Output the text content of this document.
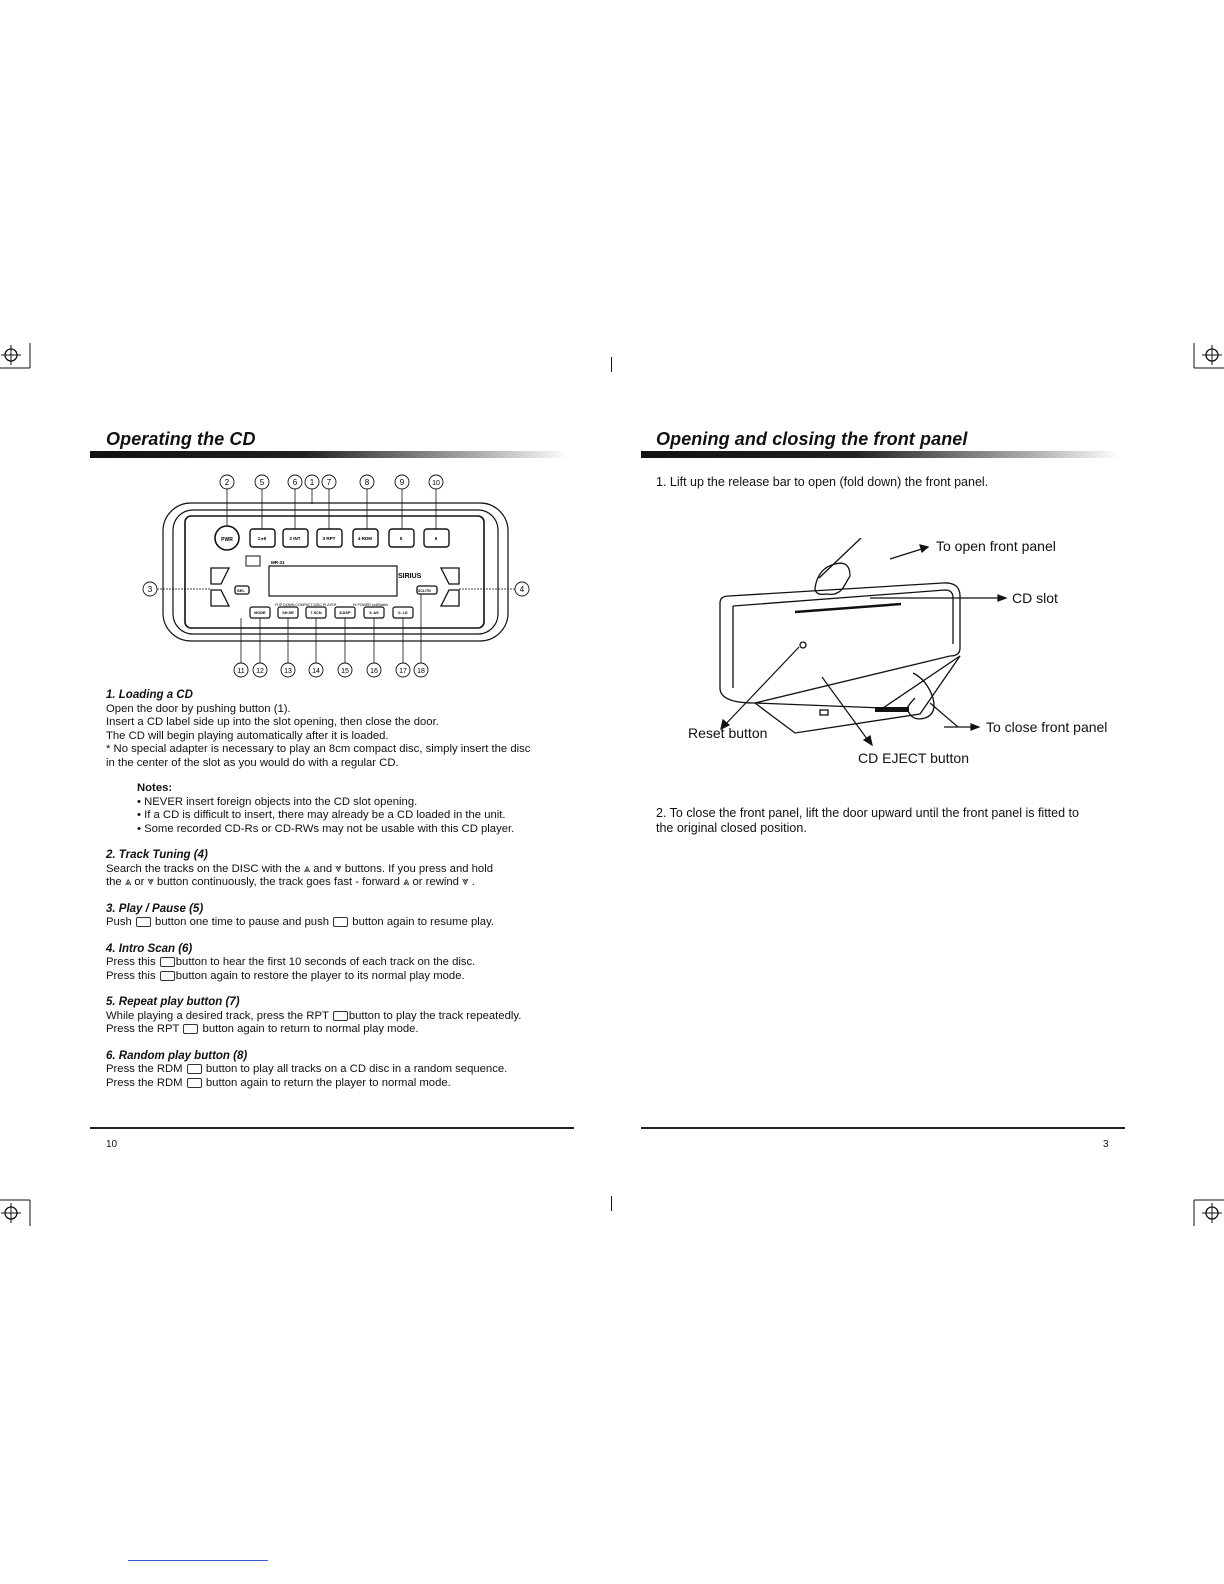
Operating the CD
PWR	1 ▸II	2 INT	3 RPT	4 RDM	5	6
MR-31
SIRIUS
FLIP DOWN COMPACT DISC PLAYER	HI POWER 4x45Watts
SEL	SCL/TN
MODE	SH.SR	7.SCN	8.DSP	9. AS	0. LD
2	5	6 1 7	8	9	10
3	4
11 12	13	14	15	16	17 18
1. Loading a CD
Open the door by pushing button (1).
Insert a CD label side up into the slot opening, then close the door.
The CD will begin playing automatically after it is loaded.
* No special adapter is necessary to play an 8cm compact disc, simply insert the disc
in the center of the slot as you would do with a regular CD.
Notes:
• NEVER insert foreign objects into the CD slot opening.
• If a CD is difficult to insert, there may already be a CD loaded in the unit.
• Some recorded CD-Rs or CD-RWs may not be usable with this CD player.
2. Track Tuning (4)
Search the tracks on the DISC with the ⩓ and ⩔ buttons. If you press and hold
the ⩓ or ⩔ button continuously, the track goes fast - forward ⩓ or rewind ⩔ .
3. Play / Pause (5)
Push button one time to pause and push button again to resume play.
4. Intro Scan (6)
Press this button to hear the first 10 seconds of each track on the disc.
Press this button again to restore the player to its normal play mode.
5. Repeat play button (7)
While playing a desired track, press the RPT button to play the track repeatedly.
Press the RPT button again to return to normal play mode.
6. Random play button (8)
Press the RDM button to play all tracks on a CD disc in a random sequence.
Press the RDM button again to return the player to normal mode.
10
Opening and closing the front panel
1. Lift up the release bar to open (fold down) the front panel.
To open front panel
CD slot
To close front panel
Reset button
CD EJECT button
2. To close the front panel, lift the door upward until the front panel is fitted to
the original closed position.
3
